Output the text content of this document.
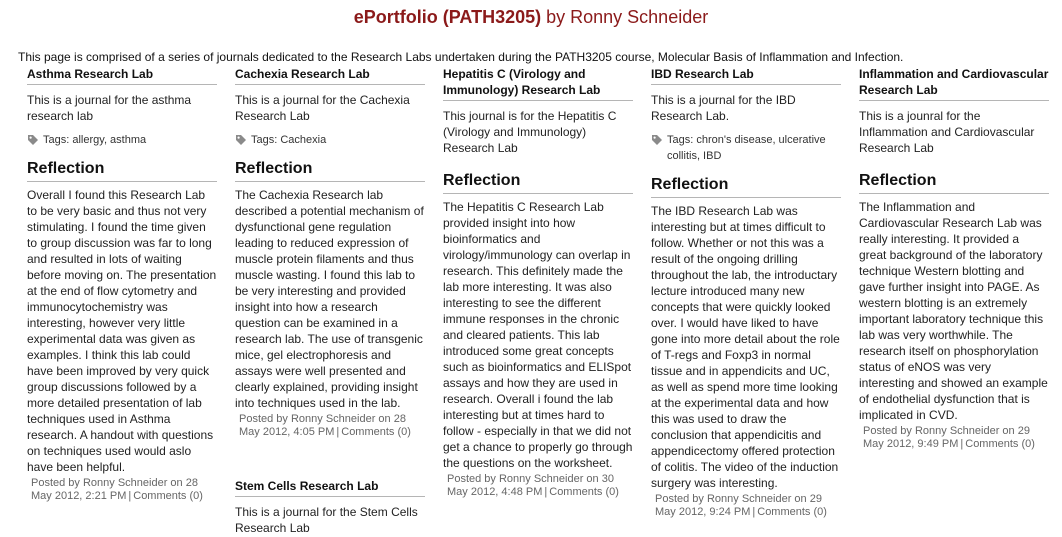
ePortfolio (PATH3205) by Ronny Schneider
This page is comprised of a series of journals dedicated to the Research Labs undertaken during the PATH3205 course, Molecular Basis of Inflammation and Infection.
Asthma Research Lab
This is a journal for the asthma research lab
Tags: allergy, asthma
Reflection
Overall I found this Research Lab to be very basic and thus not very stimulating. I found the time given to group discussion was far to long and resulted in lots of waiting before moving on. The presentation at the end of flow cytometry and immunocytochemistry was interesting, however very little experimental data was given as examples. I think this lab could have been improved by very quick group discussions followed by a more detailed presentation of lab techniques used in Asthma research. A handout with questions on techniques used would aslo have been helpful.
Posted by Ronny Schneider on 28 May 2012, 2:21 PM | Comments (0)
Cachexia Research Lab
This is a journal for the Cachexia Research Lab
Tags: Cachexia
Reflection
The Cachexia Research lab described a potential mechanism of dysfunctional gene regulation leading to reduced expression of muscle protein filaments and thus muscle wasting. I found this lab to be very interesting and provided insight into how a research question can be examined in a research lab. The use of transgenic mice, gel electrophoresis and assays were well presented and clearly explained, providing insight into techniques used in the lab.
Posted by Ronny Schneider on 28 May 2012, 4:05 PM | Comments (0)
Hepatitis C (Virology and Immunology) Research Lab
This journal is for the Hepatitis C (Virology and Immunology) Research Lab
Reflection
The Hepatitis C Research Lab provided insight into how bioinformatics and virology/immunology can overlap in research. This definitely made the lab more interesting. It was also interesting to see the different immune responses in the chronic and cleared patients. This lab introduced some great concepts such as bioinformatics and ELISpot assays and how they are used in research. Overall i found the lab interesting but at times hard to follow - especially in that we did not get a chance to properly go through the questions on the worksheet.
Posted by Ronny Schneider on 30 May 2012, 4:48 PM | Comments (0)
IBD Research Lab
This is a journal for the IBD Research Lab.
Tags: chron's disease, ulcerative collitis, IBD
Reflection
The IBD Research Lab was interesting but at times difficult to follow. Whether or not this was a result of the ongoing drilling throughout the lab, the introductary lecture introduced many new concepts that were quickly looked over. I would have liked to have gone into more detail about the role of T-regs and Foxp3 in normal tissue and in appendicits and UC, as well as spend more time looking at the experimental data and how this was used to draw the conclusion that appendicitis and appendicectomy offered protection of colitis. The video of the induction surgery was interesting.
Posted by Ronny Schneider on 29 May 2012, 9:24 PM | Comments (0)
Inflammation and Cardiovascular Research Lab
This is a jounral for the Inflammation and Cardiovascular Research Lab
Reflection
The Inflammation and Cardiovascular Research Lab was really interesting. It provided a great background of the laboratory technique Western blotting and gave further insight into PAGE. As western blotting is an extremely important laboratory technique this lab was very worthwhile. The research itself on phosphorylation status of eNOS was very interesting and showed an example of endothelial dysfunction that is implicated in CVD.
Posted by Ronny Schneider on 29 May 2012, 9:49 PM | Comments (0)
Stem Cells Research Lab
This is a journal for the Stem Cells Research Lab
